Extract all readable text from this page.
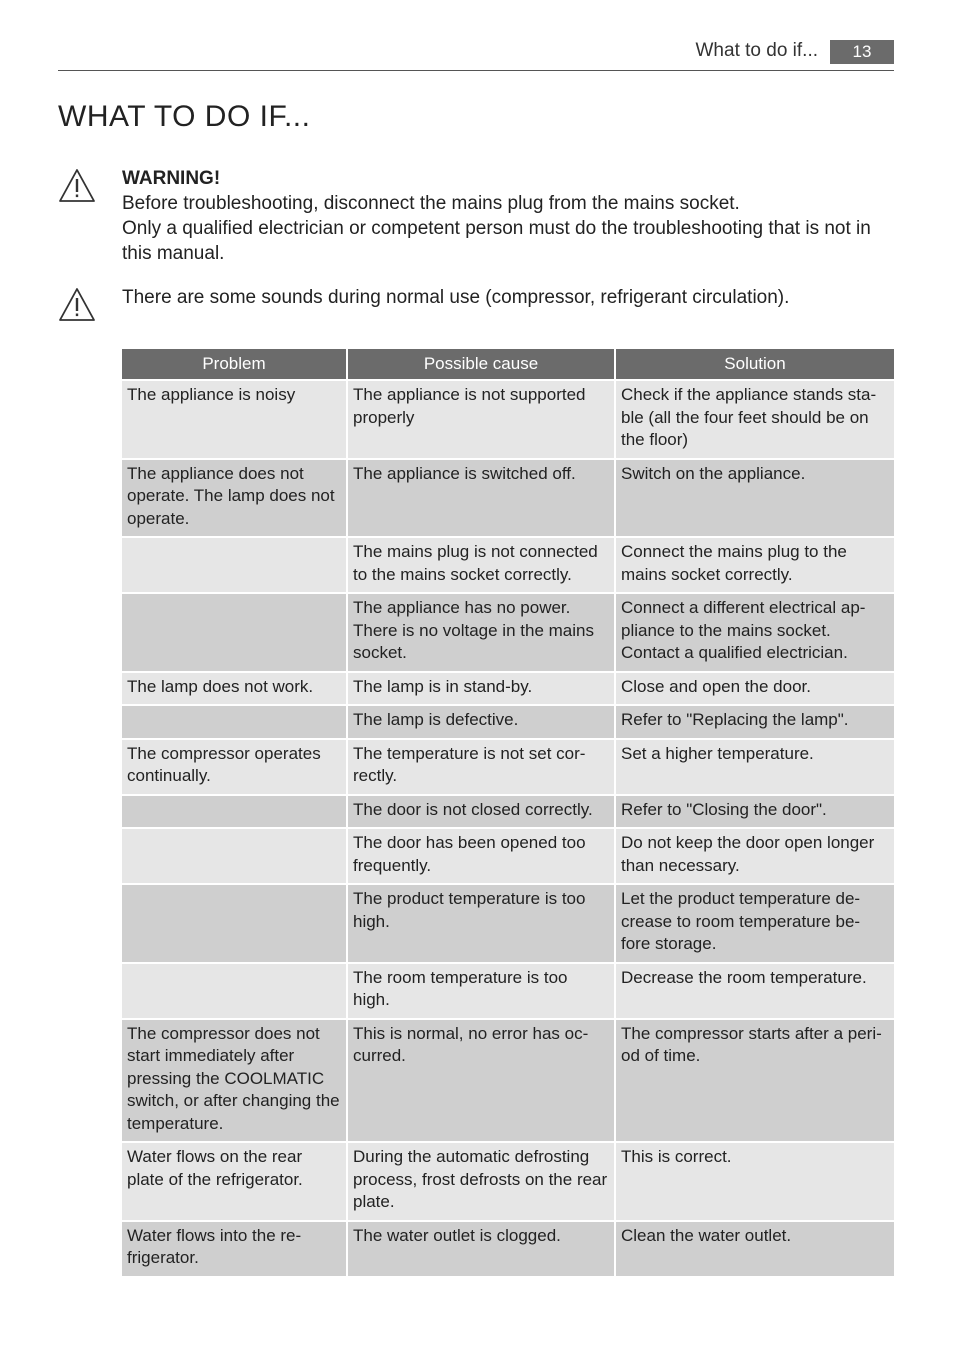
What to do if...	13
WHAT TO DO IF...
WARNING!
Before troubleshooting, disconnect the mains plug from the mains socket.
Only a qualified electrician or competent person must do the troubleshooting that is not in this manual.
There are some sounds during normal use (compressor, refrigerant circulation).
Problem	Possible cause	Solution
The appliance is noisy	The appliance is not supported properly	Check if the appliance stands sta-ble (all the four feet should be on the floor)
The appliance does not operate. The lamp does not operate.	The appliance is switched off.	Switch on the appliance.
	The mains plug is not connected to the mains socket correctly.	Connect the mains plug to the mains socket correctly.
	The appliance has no power. There is no voltage in the mains socket.	Connect a different electrical ap-pliance to the mains socket. Contact a qualified electrician.
The lamp does not work.	The lamp is in stand-by.	Close and open the door.
	The lamp is defective.	Refer to "Replacing the lamp".
The compressor operates continually.	The temperature is not set cor-rectly.	Set a higher temperature.
	The door is not closed correctly.	Refer to "Closing the door".
	The door has been opened too frequently.	Do not keep the door open longer than necessary.
	The product temperature is too high.	Let the product temperature de-crease to room temperature be-fore storage.
	The room temperature is too high.	Decrease the room temperature.
The compressor does not start immediately after pressing the COOLMATIC switch, or after changing the temperature.	This is normal, no error has oc-curred.	The compressor starts after a peri-od of time.
Water flows on the rear plate of the refrigerator.	During the automatic defrosting process, frost defrosts on the rear plate.	This is correct.
Water flows into the re-frigerator.	The water outlet is clogged.	Clean the water outlet.
